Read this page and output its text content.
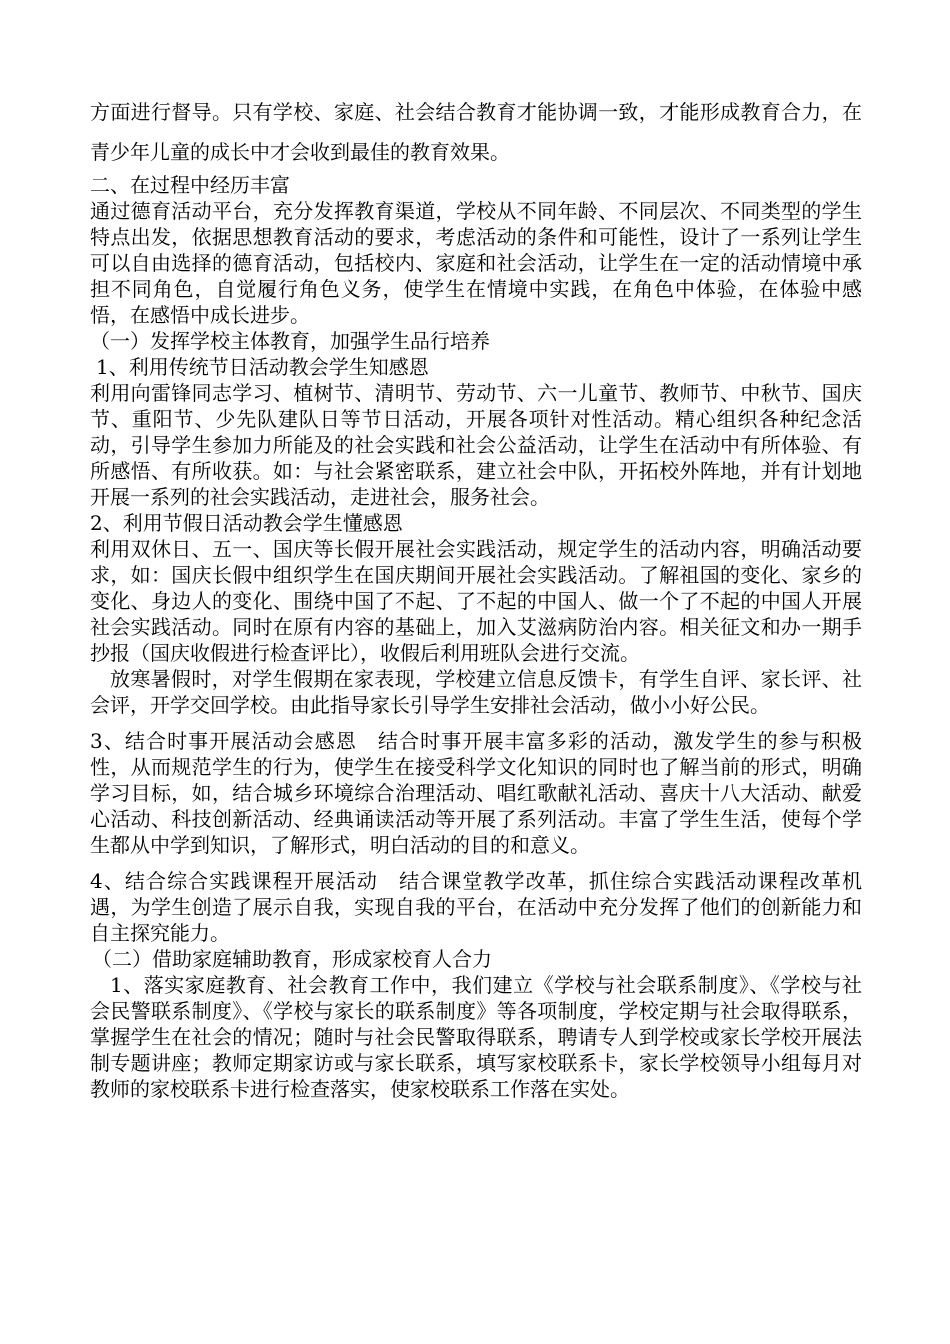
方面进行督导。只有学校、家庭、社会结合教育才能协调一致，才能形成教育合力，在青少年儿童的成长中才会收到最佳的教育效果。

二、在过程中经历丰富

通过德育活动平台，充分发挥教育渠道，学校从不同年龄、不同层次、不同类型的学生特点出发，依据思想教育活动的要求，考虑活动的条件和可能性，设计了一系列让学生可以自由选择的德育活动，包括校内、家庭和社会活动，让学生在一定的活动情境中承担不同角色，自觉履行角色义务，使学生在情境中实践，在角色中体验，在体验中感悟，在感悟中成长进步。

（一）发挥学校主体教育，加强学生品行培养

1、利用传统节日活动教会学生知感恩

利用向雷锋同志学习、植树节、清明节、劳动节、六一儿童节、教师节、中秋节、国庆节、重阳节、少先队建队日等节日活动，开展各项针对性活动。精心组织各种纪念活动，引导学生参加力所能及的社会实践和社会公益活动，让学生在活动中有所体验、有所感悟、有所收获。如：与社会紧密联系，建立社会中队，开拓校外阵地，并有计划地开展一系列的社会实践活动，走进社会，服务社会。

2、利用节假日活动教会学生懂感恩

利用双休日、五一、国庆等长假开展社会实践活动，规定学生的活动内容，明确活动要求，如：国庆长假中组织学生在国庆期间开展社会实践活动。了解祖国的变化、家乡的变化、身边人的变化、围绕中国了不起、了不起的中国人、做一个了不起的中国人开展社会实践活动。同时在原有内容的基础上，加入艾滋病防治内容。相关征文和办一期手抄报（国庆收假进行检查评比），收假后利用班队会进行交流。

放寒暑假时，对学生假期在家表现，学校建立信息反馈卡，有学生自评、家长评、社会评，开学交回学校。由此指导家长引导学生安排社会活动，做小小好公民。

3、结合时事开展活动会感恩　结合时事开展丰富多彩的活动，激发学生的参与积极性，从而规范学生的行为，使学生在接受科学文化知识的同时也了解当前的形式，明确学习目标，如，结合城乡环境综合治理活动、唱红歌献礼活动、喜庆十八大活动、献爱心活动、科技创新活动、经典诵读活动等开展了系列活动。丰富了学生生活，使每个学生都从中学到知识，了解形式，明白活动的目的和意义。

4、结合综合实践课程开展活动　结合课堂教学改革，抓住综合实践活动课程改革机遇，为学生创造了展示自我，实现自我的平台，在活动中充分发挥了他们的创新能力和自主探究能力。

（二）借助家庭辅助教育，形成家校育人合力

1、落实家庭教育、社会教育工作中，我们建立《学校与社会联系制度》、《学校与社会民警联系制度》、《学校与家长的联系制度》等各项制度，学校定期与社会取得联系，掌握学生在社会的情况；随时与社会民警取得联系，聘请专人到学校或家长学校开展法制专题讲座；教师定期家访或与家长联系，填写家校联系卡，家长学校领导小组每月对教师的家校联系卡进行检查落实，使家校联系工作落在实处。
